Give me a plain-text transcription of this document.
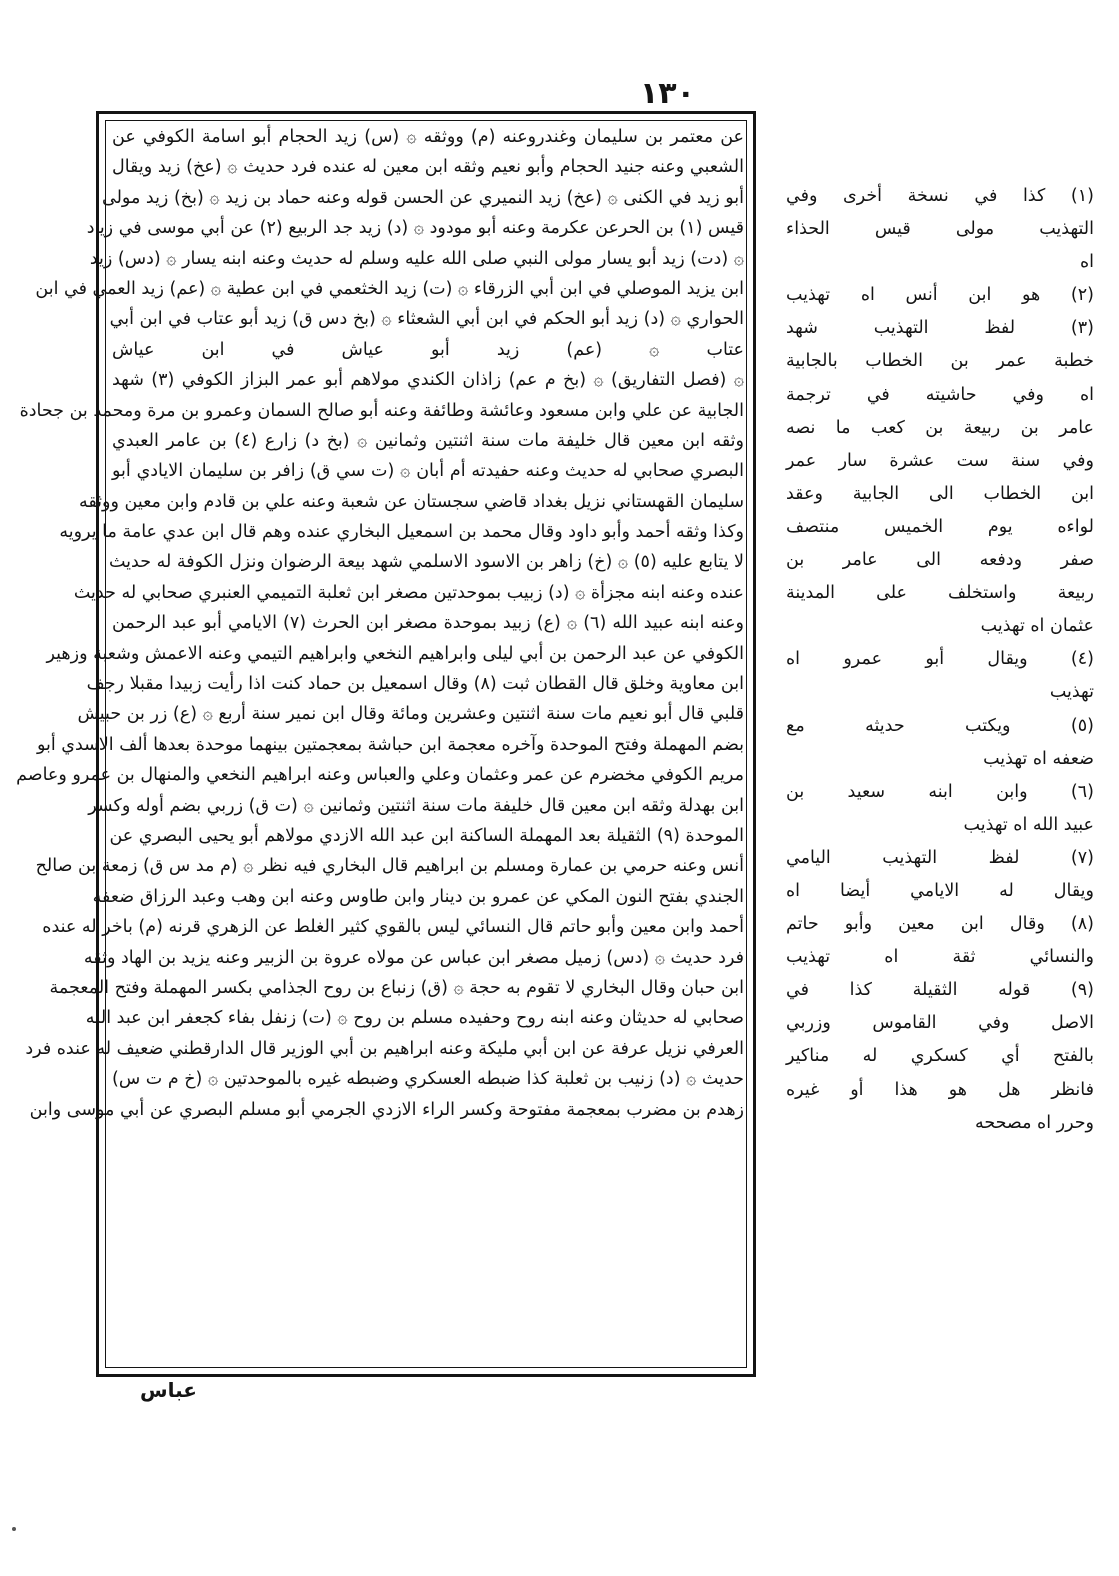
١٣٠
عن معتمر بن سليمان وغندروعنه (م) ووثقه ۞ (س) زيد الحجام أبو اسامة الكوفي عن
الشعبي وعنه جنيد الحجام وأبو نعيم وثقه ابن معين له عنده فرد حديث ۞ (عخ) زيد ويقال
أبو زيد في الكنى ۞ (عخ) زيد النميري عن الحسن قوله وعنه حماد بن زيد ۞ (بخ) زيد مولى
قيس (١) بن الحرعن عكرمة وعنه أبو مودود ۞ (د) زيد جد الربيع (٢) عن أبي موسى في زياد
۞ (دت) زيد أبو يسار مولى النبي صلى الله عليه وسلم له حديث وعنه ابنه يسار ۞ (دس) زيد
ابن يزيد الموصلي في ابن أبي الزرقاء ۞ (ت) زيد الخثعمي في ابن عطية ۞ (عم) زيد العمي في ابن
الحواري ۞ (د) زيد أبو الحكم في ابن أبي الشعثاء ۞ (بخ دس ق) زيد أبو عتاب في ابن أبي
عتاب ۞ (عم) زيد أبو عياش في ابن عياش
۞ (فصل التفاريق) ۞ (بخ م عم) زاذان الكندي مولاهم أبو عمر البزاز الكوفي (٣) شهد
الجابية عن علي وابن مسعود وعائشة وطائفة وعنه أبو صالح السمان وعمرو بن مرة ومحمد بن جحادة
وثقه ابن معين قال خليفة مات سنة اثنتين وثمانين ۞ (بخ د) زارع (٤) بن عامر العبدي
البصري صحابي له حديث وعنه حفيدته أم أبان ۞ (ت سي ق) زافر بن سليمان الايادي أبو
سليمان القهستاني نزيل بغداد قاضي سجستان عن شعبة وعنه علي بن قادم وابن معين ووثقه
وكذا وثقه أحمد وأبو داود وقال محمد بن اسمعيل البخاري عنده وهم قال ابن عدي عامة ما يرويه
لا يتابع عليه (٥) ۞ (خ) زاهر بن الاسود الاسلمي شهد بيعة الرضوان ونزل الكوفة له حديث
عنده وعنه ابنه مجزأة ۞ (د) زبيب بموحدتين مصغر ابن ثعلبة التميمي العنبري صحابي له حديث
وعنه ابنه عبيد الله (٦) ۞ (ع) زبيد بموحدة مصغر ابن الحرث (٧) الايامي أبو عبد الرحمن
الكوفي عن عبد الرحمن بن أبي ليلى وابراهيم النخعي وابراهيم التيمي وعنه الاعمش وشعبة وزهير
ابن معاوية وخلق قال القطان ثبت (٨) وقال اسمعيل بن حماد كنت اذا رأيت زبيدا مقبلا رجف
قلبي قال أبو نعيم مات سنة اثنتين وعشرين ومائة وقال ابن نمير سنة أربع ۞ (ع) زر بن حبيش
بضم المهملة وفتح الموحدة وآخره معجمة ابن حباشة بمعجمتين بينهما موحدة بعدها ألف الاسدي أبو
مريم الكوفي مخضرم عن عمر وعثمان وعلي والعباس وعنه ابراهيم النخعي والمنهال بن عمرو وعاصم
ابن بهدلة وثقه ابن معين قال خليفة مات سنة اثنتين وثمانين ۞ (ت ق) زربي بضم أوله وكسر
الموحدة (٩) الثقيلة بعد المهملة الساكنة ابن عبد الله الازدي مولاهم أبو يحيى البصري عن
أنس وعنه حرمي بن عمارة ومسلم بن ابراهيم قال البخاري فيه نظر ۞ (م مد س ق) زمعة بن صالح
الجندي بفتح النون المكي عن عمرو بن دينار وابن طاوس وعنه ابن وهب وعبد الرزاق ضعفه
أحمد وابن معين وأبو حاتم قال النسائي ليس بالقوي كثير الغلط عن الزهري قرنه (م) باخر له عنده
فرد حديث ۞ (دس) زميل مصغر ابن عباس عن مولاه عروة بن الزبير وعنه يزيد بن الهاد وثقه
ابن حبان وقال البخاري لا تقوم به حجة ۞ (ق) زنباع بن روح الجذامي بكسر المهملة وفتح المعجمة
صحابي له حديثان وعنه ابنه روح وحفيده مسلم بن روح ۞ (ت) زنفل بفاء كجعفر ابن عبد الله
العرفي نزيل عرفة عن ابن أبي مليكة وعنه ابراهيم بن أبي الوزير قال الدارقطني ضعيف له عنده فرد
حديث ۞ (د) زنيب بن ثعلبة كذا ضبطه العسكري وضبطه غيره بالموحدتين ۞ (خ م ت س)
زهدم بن مضرب بمعجمة مفتوحة وكسر الراء الازدي الجرمي أبو مسلم البصري عن أبي موسى وابن
(١) كذا في نسخة أخرى وفي
التهذيب مولى قيس الحذاء
اه
(٢) هو ابن أنس اه تهذيب
(٣) لفظ التهذيب شهد
خطبة عمر بن الخطاب بالجابية
اه وفي حاشيته في ترجمة
عامر بن ربيعة بن كعب ما نصه
وفي سنة ست عشرة سار عمر
ابن الخطاب الى الجابية وعقد
لواءه يوم الخميس منتصف
صفر ودفعه الى عامر بن
ربيعة واستخلف على المدينة
عثمان اه تهذيب
(٤) ويقال أبو عمرو اه
تهذيب
(٥) ويكتب حديثه مع
ضعفه اه تهذيب
(٦) وابن ابنه سعيد بن
عبيد الله اه تهذيب
(٧) لفظ التهذيب اليامي
ويقال له الايامي أيضا اه
(٨) وقال ابن معين وأبو حاتم
والنسائي ثقة اه تهذيب
(٩) قوله الثقيلة كذا في
الاصل وفي القاموس وزربي
بالفتح أي كسكري له مناكير
فانظر هل هو هذا أو غيره
وحرر اه مصححه
عباس
